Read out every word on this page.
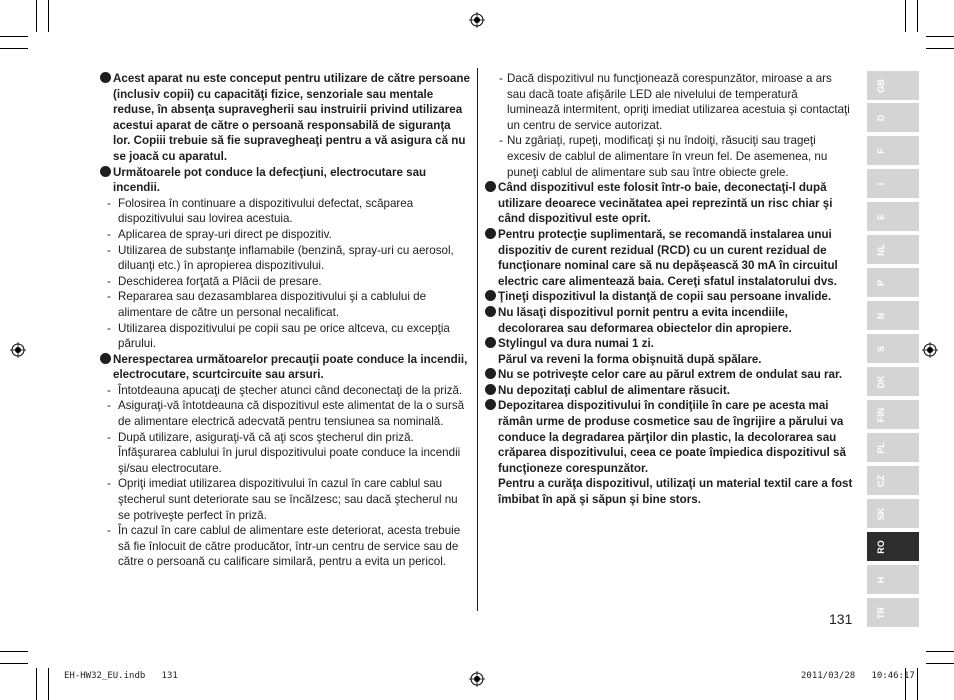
Acest aparat nu este conceput pentru utilizare de către persoane (inclusiv copii) cu capacităţi fizice, senzoriale sau mentale reduse, în absenţa supravegherii sau instruirii privind utilizarea acestui aparat de către o persoană responsabilă de siguranţa lor. Copiii trebuie să fie supravegheaţi pentru a vă asigura că nu se joacă cu aparatul.
Următoarele pot conduce la defecţiuni, electrocutare sau incendii.
- Folosirea în continuare a dispozitivului defectat, scăparea dispozitivului sau lovirea acestuia.
- Aplicarea de spray-uri direct pe dispozitiv.
- Utilizarea de substanţe inflamabile (benzină, spray-uri cu aerosol, diluanţi etc.) în apropierea dispozitivului.
- Deschiderea forţată a Plăcii de presare.
- Repararea sau dezasamblarea dispozitivului şi a cablului de alimentare de către un personal necalificat.
- Utilizarea dispozitivului pe copii sau pe orice altceva, cu excepţia părului.
Nerespectarea următoarelor precauţii poate conduce la incendii, electrocutare, scurtcircuite sau arsuri.
- Întotdeauna apucaţi de ştecher atunci când deconectaţi de la priză.
- Asiguraţi-vă întotdeauna că dispozitivul este alimentat de la o sursă de alimentare electrică adecvată pentru tensiunea sa nominală.
- După utilizare, asiguraţi-vă că aţi scos ştecherul din priză. Înfăşurarea cablului în jurul dispozitivului poate conduce la incendii şi/sau electrocutare.
- Opriţi imediat utilizarea dispozitivului în cazul în care cablul sau ştecherul sunt deteriorate sau se încălzesc; sau dacă ştecherul nu se potriveşte perfect în priză.
- În cazul în care cablul de alimentare este deteriorat, acesta trebuie să fie înlocuit de către producător, într-un centru de service sau de către o persoană cu calificare similară, pentru a evita un pericol.
- Dacă dispozitivul nu funcţionează corespunzător, miroase a ars sau dacă toate afişările LED ale nivelului de temperatură luminează intermitent, opriţi imediat utilizarea acestuia şi contactaţi un centru de service autorizat.
- Nu zgâriaţi, rupeţi, modificaţi şi nu îndoiţi, răsuciţi sau trageţi excesiv de cablul de alimentare în vreun fel. De asemenea, nu puneţi cablul de alimentare sub sau între obiecte grele.
Când dispozitivul este folosit într-o baie, deconectaţi-l după utilizare deoarece vecinătatea apei reprezintă un risc chiar şi când dispozitivul este oprit.
Pentru protecţie suplimentară, se recomandă instalarea unui dispozitiv de curent rezidual (RCD) cu un curent rezidual de funcţionare nominal care să nu depăşească 30 mA în circuitul electric care alimentează baia. Cereţi sfatul instalatorului dvs.
Ţineţi dispozitivul la distanţă de copii sau persoane invalide.
Nu lăsaţi dispozitivul pornit pentru a evita incendiile, decolorarea sau deformarea obiectelor din apropiere.
Stylingul va dura numai 1 zi.
Părul va reveni la forma obişnuită după spălare.
Nu se potriveşte celor care au părul extrem de ondulat sau rar.
Nu depozitaţi cablul de alimentare răsucit.
Depozitarea dispozitivului în condiţiile în care pe acesta mai rămân urme de produse cosmetice sau de îngrijire a părului va conduce la degradarea părţilor din plastic, la decolorarea sau crăparea dispozitivului, ceea ce poate împiedica dispozitivul să funcţioneze corespunzător.
Pentru a curăţa dispozitivul, utilizaţi un material textil care a fost îmbibat în apă şi săpun şi bine stors.
GB
D
F
I
E
NL
P
N
S
DK
FIN
PL
CZ
SK
RO
H
TR
131
EH-HW32_EU.indb 131	2011/03/28 10:46:17
